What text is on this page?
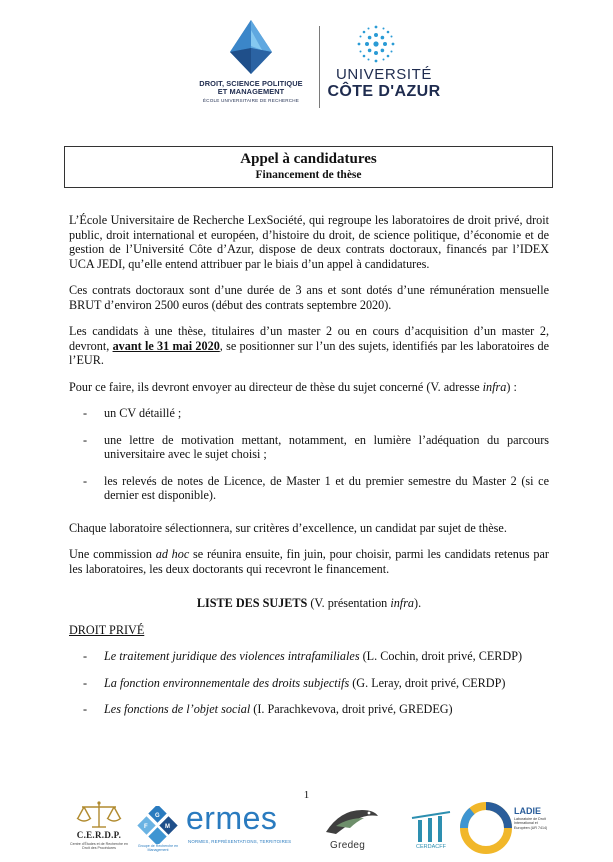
DROIT, SCIENCE POLITIQUE
ET MANAGEMENT
ÉCOLE UNIVERSITAIRE DE RECHERCHE
UNIVERSITÉ
CÔTE D'AZUR
Appel à candidatures
Financement de thèse
L’École Universitaire de Recherche LexSociété, qui regroupe les laboratoires de droit privé, droit public, droit international et européen, d’histoire du droit, de science politique, d’économie et de gestion de l’Université Côte d’Azur, dispose de deux contrats doctoraux, financés par l’IDEX UCA JEDI, qu’elle entend attribuer par le biais d’un appel à candidatures.
Ces contrats doctoraux sont d’une durée de 3 ans et sont dotés d’une rémunération mensuelle BRUT d’environ 2500 euros (début des contrats septembre 2020).
Les candidats à une thèse, titulaires d’un master 2 ou en cours d’acquisition d’un master 2, devront, avant le 31 mai 2020, se positionner sur l’un des sujets, identifiés par les laboratoires de l’EUR.
Pour ce faire, ils devront envoyer au directeur de thèse du sujet concerné (V. adresse infra) :
- un CV détaillé ;
- une lettre de motivation mettant, notamment, en lumière l’adéquation du parcours universitaire avec le sujet choisi ;
- les relevés de notes de Licence, de Master 1 et du premier semestre du Master 2 (si ce dernier est disponible).
Chaque laboratoire sélectionnera, sur critères d’excellence, un candidat par sujet de thèse.
Une commission ad hoc se réunira ensuite, fin juin, pour choisir, parmi les candidats retenus par les laboratoires, les deux doctorants qui recevront le financement.
LISTE DES SUJETS (V. présentation infra).
DROIT PRIVÉ
- Le traitement juridique des violences intrafamiliales (L. Cochin, droit privé, CERDP)
- La fonction environnementale des droits subjectifs (G. Leray, droit privé, CERDP)
- Les fonctions de l’objet social (I. Parachkevova, droit privé, GREDEG)
1
C.E.R.D.P.
Centre d'Études et de Recherche en Droit des Procédures
G
F	M
Groupe de Recherche en Management
ermes
NORMES, REPRÉSENTATIONS, TERRITOIRES	Gredeg	CERDACFF
LADIE
Laboratoire de Droit International et Européen (UR 7414)
